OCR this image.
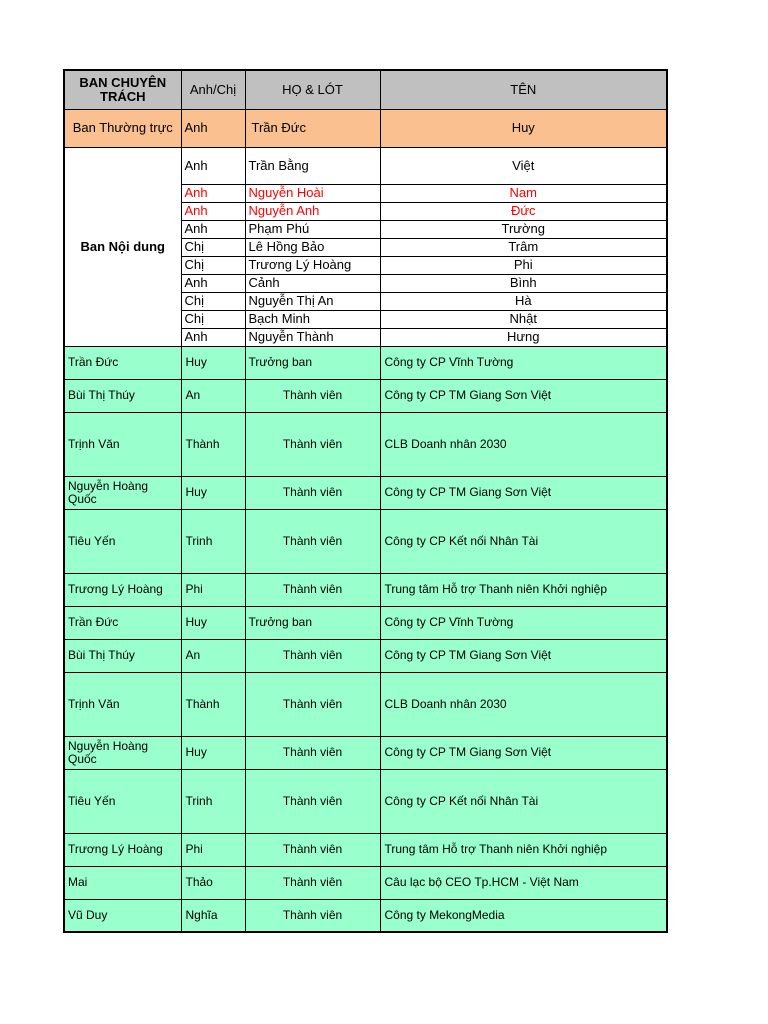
BAN CHUYÊN TRÁCH	Anh/Chị	HỌ & LÓT	TÊN
Ban Thường trực	Anh	Trần Đức	Huy
Ban Nội dung	Anh	Trần Bằng	Việt
	Anh	Nguyễn Hoài	Nam
	Anh	Nguyễn Anh	Đức
	Anh	Phạm Phú	Trường
	Chị	Lê Hồng Bảo	Trâm
	Chị	Trương Lý Hoàng	Phi
	Anh	Cảnh	Bình
	Chị	Nguyễn Thị An	Hà
	Chị	Bạch Minh	Nhật
	Anh	Nguyễn Thành	Hưng
Trần Đức	Huy	Trưởng ban	Công ty CP Vĩnh Tường
Bùi Thị Thúy	An	Thành viên	Công ty CP TM Giang Sơn Việt
Trịnh Văn	Thành	Thành viên	CLB Doanh nhân 2030
Nguyễn Hoàng Quốc	Huy	Thành viên	Công ty CP TM Giang Sơn Việt
Tiêu Yến	Trinh	Thành viên	Công ty CP Kết nối Nhân Tài
Trương Lý Hoàng	Phi	Thành viên	Trung tâm Hỗ trợ Thanh niên Khởi nghiệp
Trần Đức	Huy	Trưởng ban	Công ty CP Vĩnh Tường
Bùi Thị Thúy	An	Thành viên	Công ty CP TM Giang Sơn Việt
Trịnh Văn	Thành	Thành viên	CLB Doanh nhân 2030
Nguyễn Hoàng Quốc	Huy	Thành viên	Công ty CP TM Giang Sơn Việt
Tiêu Yến	Trinh	Thành viên	Công ty CP Kết nối Nhân Tài
Trương Lý Hoàng	Phi	Thành viên	Trung tâm Hỗ trợ Thanh niên Khởi nghiệp
Mai	Thảo	Thành viên	Câu lạc bộ CEO Tp.HCM - Việt Nam
Vũ Duy	Nghĩa	Thành viên	Công ty MekongMedia
